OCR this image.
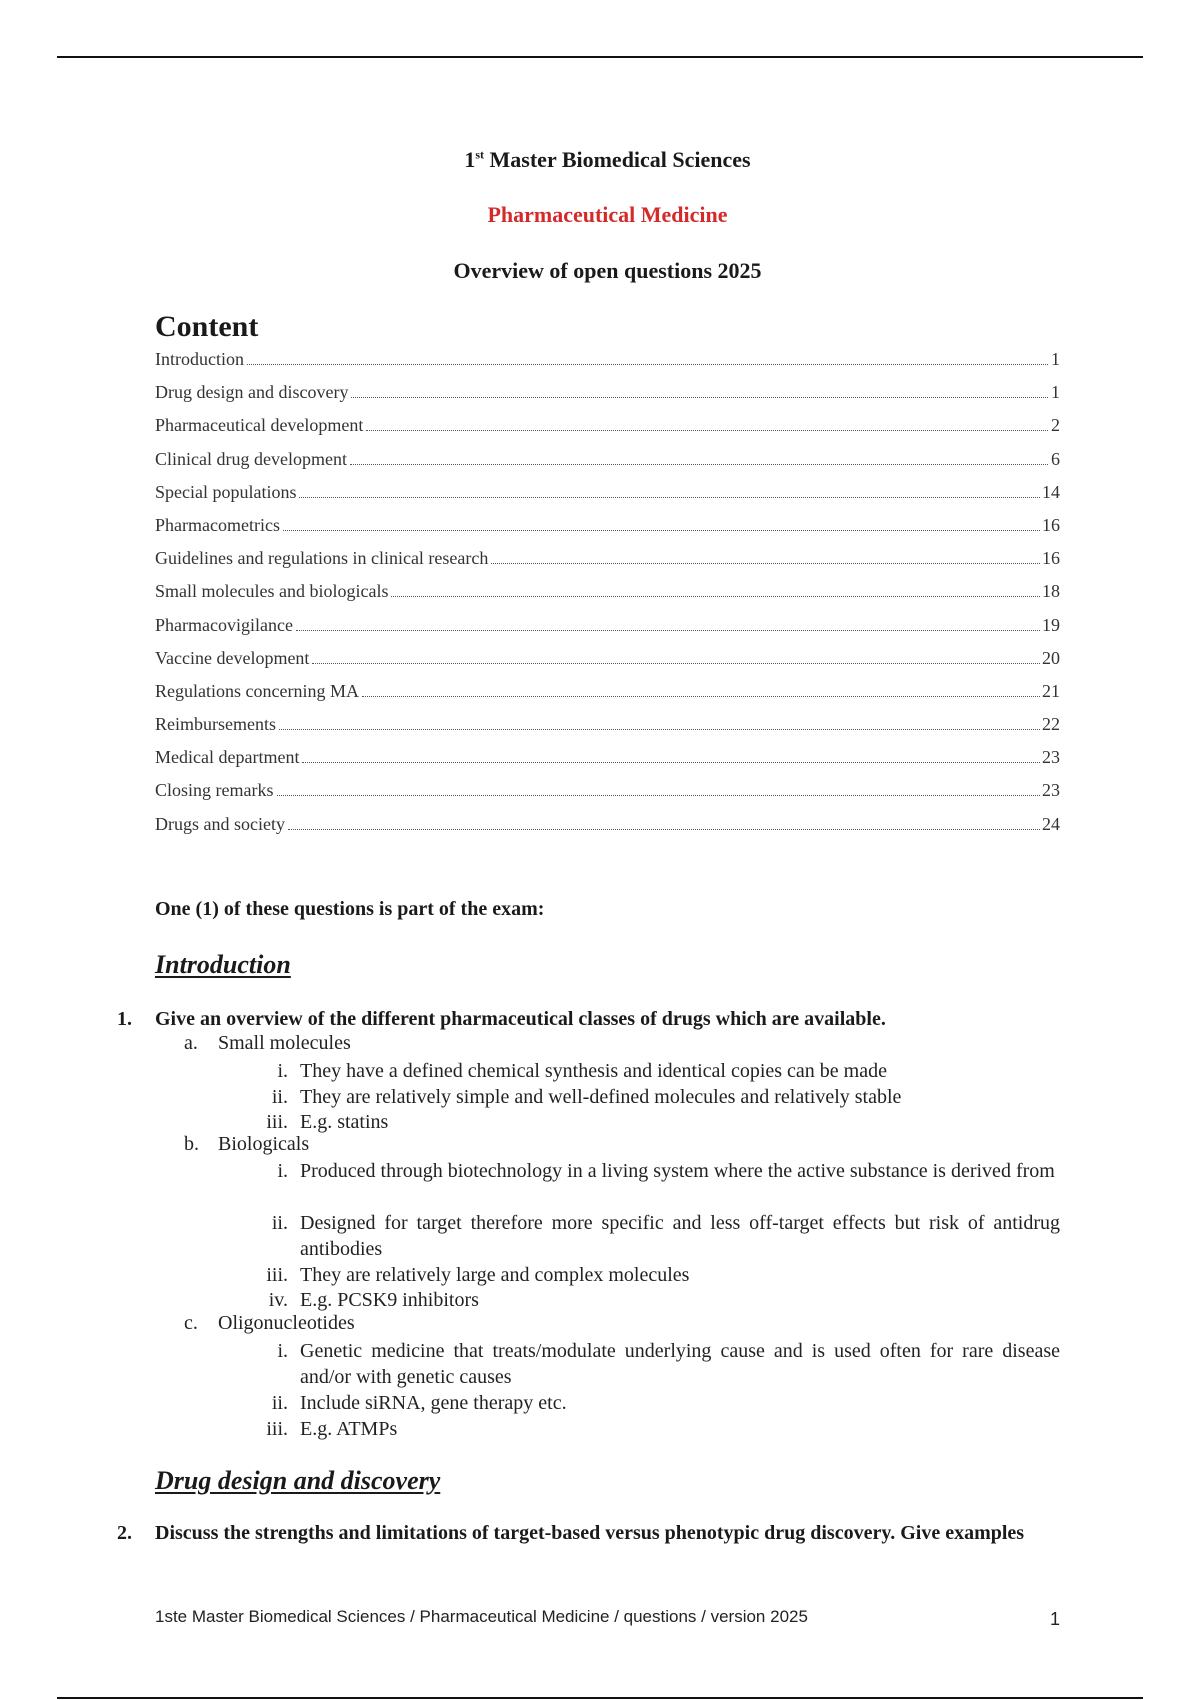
1st Master Biomedical Sciences
Pharmaceutical Medicine
Overview of open questions 2025
Content
Introduction	1
Drug design and discovery	1
Pharmaceutical development	2
Clinical drug development	6
Special populations	14
Pharmacometrics	16
Guidelines and regulations in clinical research	16
Small molecules and biologicals	18
Pharmacovigilance	19
Vaccine development	20
Regulations concerning MA	21
Reimbursements	22
Medical department	23
Closing remarks	23
Drugs and society	24
One (1) of these questions is part of the exam:
Introduction
1. Give an overview of the different pharmaceutical classes of drugs which are available.
a. Small molecules
i. They have a defined chemical synthesis and identical copies can be made
ii. They are relatively simple and well-defined molecules and relatively stable
iii. E.g. statins
b. Biologicals
i. Produced through biotechnology in a living system where the active substance is derived from
ii. Designed for target therefore more specific and less off-target effects but risk of antidrug antibodies
iii. They are relatively large and complex molecules
iv. E.g. PCSK9 inhibitors
c. Oligonucleotides
i. Genetic medicine that treats/modulate underlying cause and is used often for rare disease and/or with genetic causes
ii. Include siRNA, gene therapy etc.
iii. E.g. ATMPs
Drug design and discovery
2. Discuss the strengths and limitations of target-based versus phenotypic drug discovery. Give examples
1ste Master Biomedical Sciences / Pharmaceutical Medicine / questions / version 2025	1
